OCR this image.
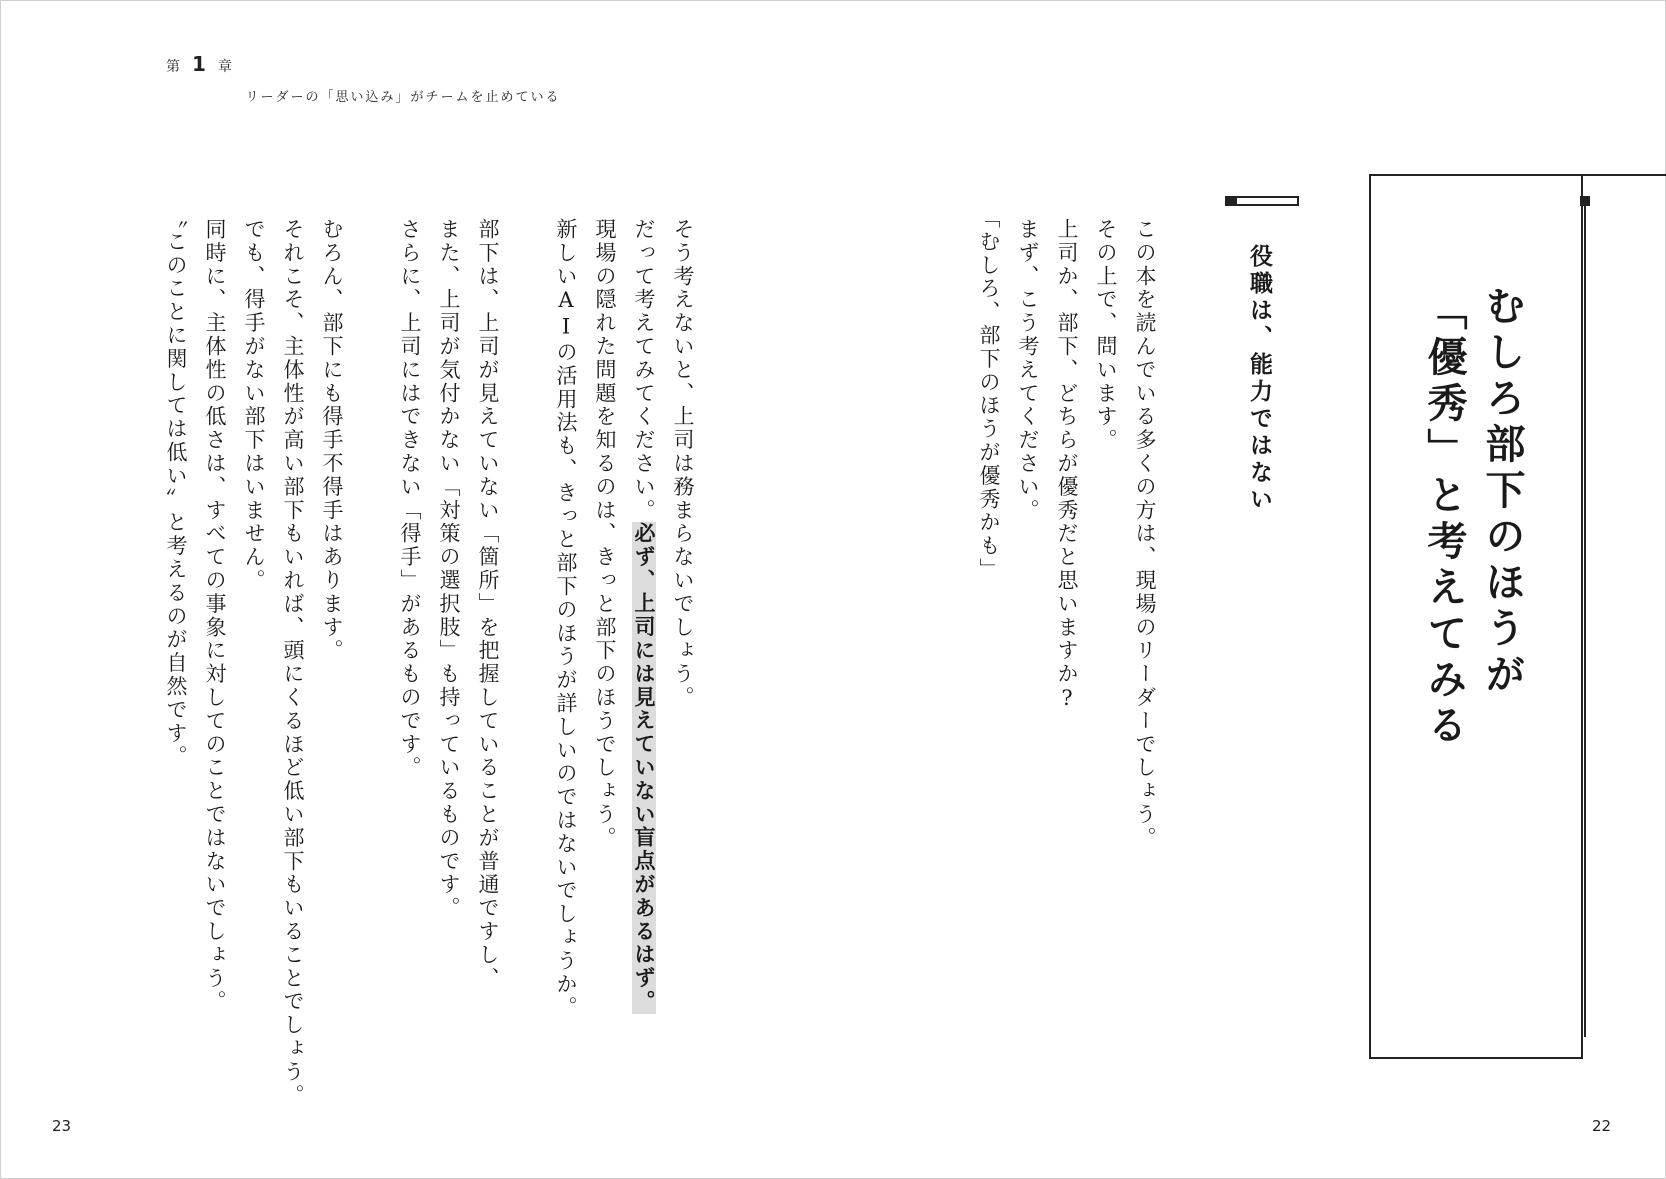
第 1 章
リーダーの「思い込み」がチームを止めている
むしろ部下のほうが
「優秀」と考えてみる
役職は、能力ではない
この本を読んでいる多くの方は、現場のリーダーでしょう。
その上で、問います。
上司か、部下、どちらが優秀だと思いますか?
まず、こう考えてください。
「むしろ、部下のほうが優秀かも」
そう考えないと、上司は務まらないでしょう。
だって考えてみてください。必ず、上司には見えていない盲点があるはず。
現場の隠れた問題を知るのは、きっと部下のほうでしょう。
新しいAIの活用法も、きっと部下のほうが詳しいのではないでしょうか。
部下は、上司が見えていない「箇所」を把握していることが普通ですし、
また、上司が気付かない「対策の選択肢」も持っているものです。
さらに、上司にはできない「得手」があるものです。
むろん、部下にも得手不得手はあります。
それこそ、主体性が高い部下もいれば、頭にくるほど低い部下もいることでしょう。
でも、得手がない部下はいません。
同時に、主体性の低さは、すべての事象に対してのことではないでしょう。
〝このことに関しては低い〟と考えるのが自然です。
23	22
